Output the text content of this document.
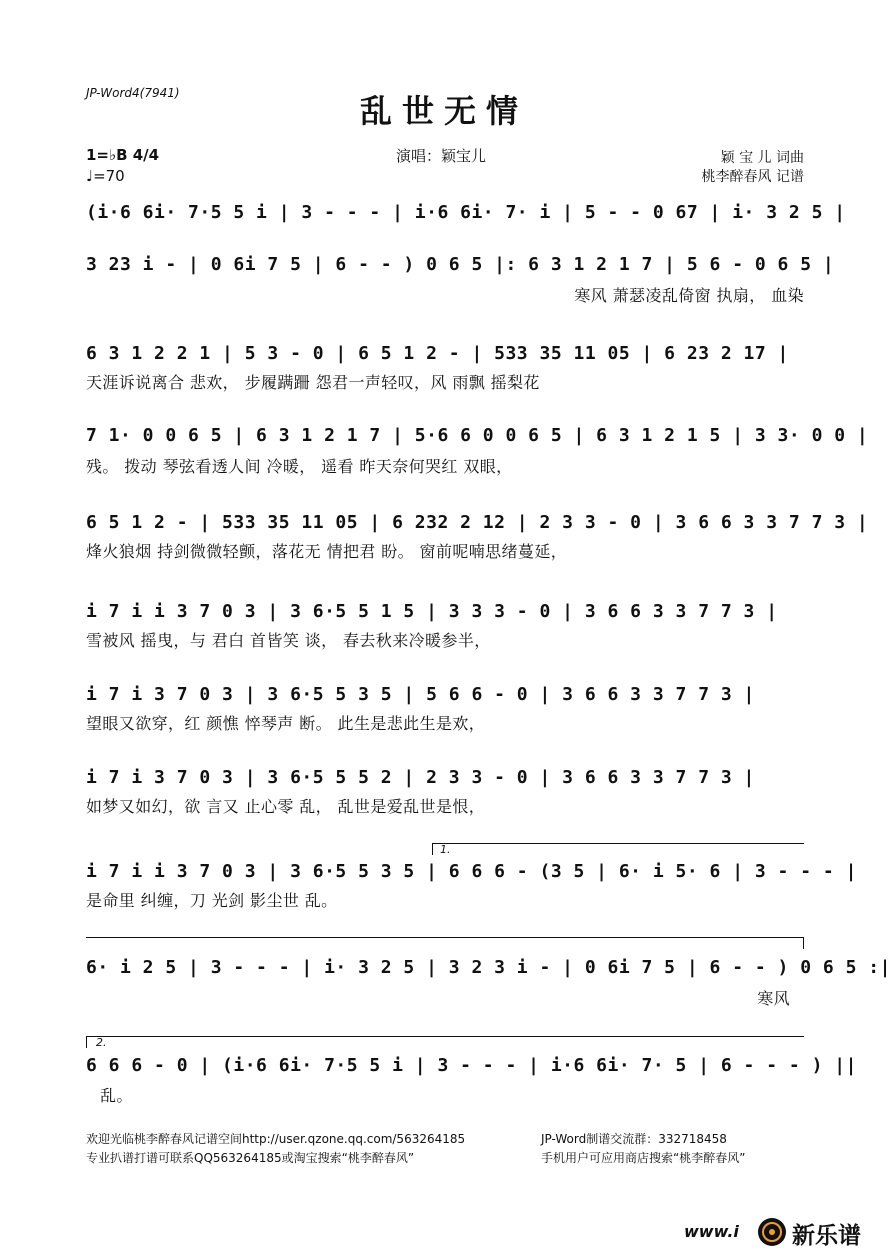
JP-Word4(7941)	乱世无情
1=♭B 4/4
♩=70
演唱：颖宝儿	颖 宝 儿 词曲
桃李醉春风 记谱
(i·6 6i· 7·5 5 i | 3 - - - | i·6 6i· 7· i | 5 - - 0 67 | i· 3 2 5 |
3 23 i - | 0 6i 7 5 | 6 - - ) 0 6 5 |: 6 3 1 2 1 7 | 5 6 - 0 6 5 |
寒风 萧瑟凌乱倚窗 执扇， 血染
6 3 1 2 2 1 | 5 3 - 0 | 6 5 1 2 - | 533 35 11 05 | 6 23 2 17 |
天涯诉说离合 悲欢， 步履蹒跚 怨君一声轻叹，风 雨飘 摇梨花
7 1· 0 0 6 5 | 6 3 1 2 1 7 | 5·6 6 0 0 6 5 | 6 3 1 2 1 5 | 3 3· 0 0 |
残。 拨动 琴弦看透人间 冷暖， 遥看 昨天奈何哭红 双眼，
6 5 1 2 - | 533 35 11 05 | 6 232 2 12 | 2 3 3 - 0 | 3 6 6 3 3 7 7 3 |
烽火狼烟 持剑微微轻颤，落花无 情把君 盼。 窗前呢喃思绪蔓延，
i 7 i i 3 7 0 3 | 3 6·5 5 1 5 | 3 3 3 - 0 | 3 6 6 3 3 7 7 3 |
雪被风 摇曳，与 君白 首皆笑 谈， 春去秋来冷暖参半，
i 7 i 3 7 0 3 | 3 6·5 5 3 5 | 5 6 6 - 0 | 3 6 6 3 3 7 7 3 |
望眼又欲穿，红 颜憔 悴琴声 断。 此生是悲此生是欢，
i 7 i 3 7 0 3 | 3 6·5 5 5 2 | 2 3 3 - 0 | 3 6 6 3 3 7 7 3 |
如梦又如幻，欲 言又 止心零 乱， 乱世是爱乱世是恨，
1.
i 7 i i 3 7 0 3 | 3 6·5 5 3 5 | 6 6 6 - (3 5 | 6· i 5· 6 | 3 - - - |
是命里 纠缠，刀 光剑 影尘世 乱。
6· i 2 5 | 3 - - - | i· 3 2 5 | 3 2 3 i - | 0 6i 7 5 | 6 - - ) 0 6 5 :|
寒风
2.
6 6 6 - 0 | (i·6 6i· 7·5 5 i | 3 - - - | i·6 6i· 7· 5 | 6 - - - ) ||
乱。
欢迎光临桃李醉春风记谱空间http://user.qzone.qq.com/563264185	JP-Word制谱交流群：332718458
专业扒谱打谱可联系QQ563264185或淘宝搜索“桃李醉春风”	手机用户可应用商店搜索“桃李醉春风”
www.i 新乐谱
